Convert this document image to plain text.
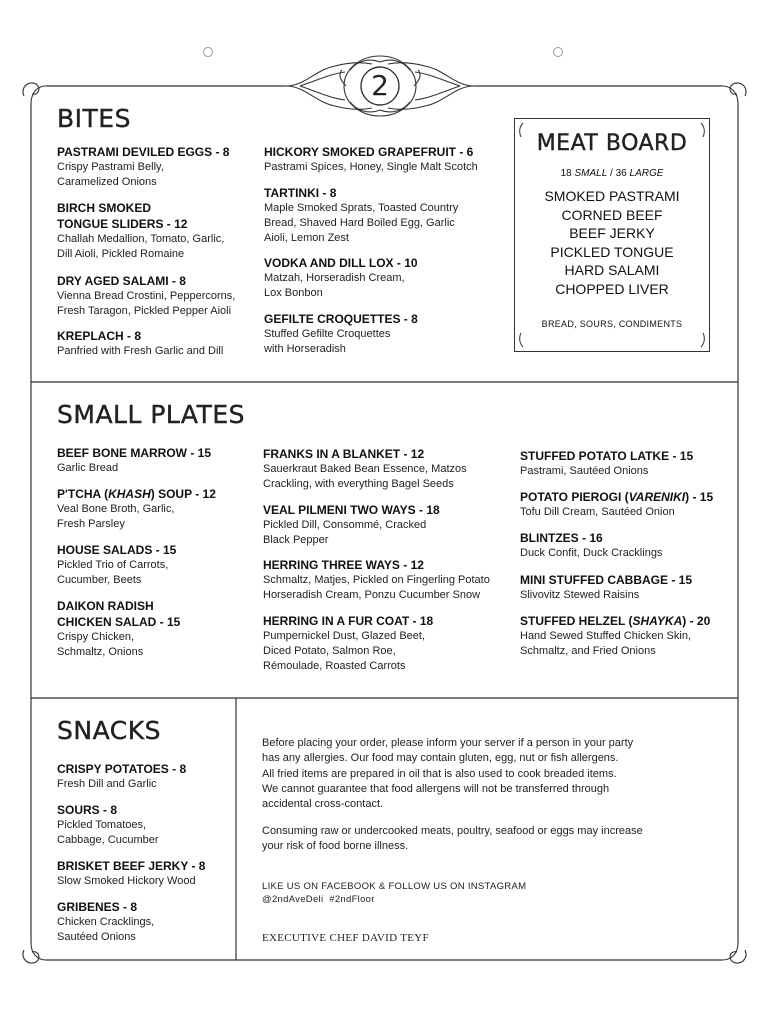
2
BITES
PASTRAMI DEVILED EGGS - 8
Crispy Pastrami Belly,
Caramelized Onions
BIRCH SMOKED
TONGUE SLIDERS - 12
Challah Medallion, Tomato, Garlic,
Dill Aioli, Pickled Romaine
DRY AGED SALAMI - 8
Vienna Bread Crostini, Peppercorns,
Fresh Taragon, Pickled Pepper Aioli
KREPLACH - 8
Panfried with Fresh Garlic and Dill
HICKORY SMOKED GRAPEFRUIT - 6
Pastrami Spices, Honey, Single Malt Scotch
TARTINKI - 8
Maple Smoked Sprats, Toasted Country
Bread, Shaved Hard Boiled Egg, Garlic
Aioli, Lemon Zest
VODKA AND DILL LOX - 10
Matzah, Horseradish Cream,
Lox Bonbon
GEFILTE CROQUETTES - 8
Stuffed Gefilte Croquettes
with Horseradish
MEAT BOARD
18 SMALL / 36 LARGE
SMOKED PASTRAMI
CORNED BEEF
BEEF JERKY
PICKLED TONGUE
HARD SALAMI
CHOPPED LIVER
BREAD, SOURS, CONDIMENTS
SMALL PLATES
BEEF BONE MARROW - 15
Garlic Bread
P'TCHA (KHASH) SOUP - 12
Veal Bone Broth, Garlic,
Fresh Parsley
HOUSE SALADS - 15
Pickled Trio of Carrots,
Cucumber, Beets
DAIKON RADISH
CHICKEN SALAD - 15
Crispy Chicken,
Schmaltz, Onions
FRANKS IN A BLANKET - 12
Sauerkraut Baked Bean Essence, Matzos
Crackling, with everything Bagel Seeds
VEAL PILMENI TWO WAYS - 18
Pickled Dill, Consommé, Cracked
Black Pepper
HERRING THREE WAYS - 12
Schmaltz, Matjes, Pickled on Fingerling Potato
Horseradish Cream, Ponzu Cucumber Snow
HERRING IN A FUR COAT - 18
Pumpernickel Dust, Glazed Beet,
Diced Potato, Salmon Roe,
Rémoulade, Roasted Carrots
STUFFED POTATO LATKE - 15
Pastrami, Sautéed Onions
POTATO PIEROGI (VARENIKI) - 15
Tofu Dill Cream, Sautéed Onion
BLINTZES - 16
Duck Confit, Duck Cracklings
MINI STUFFED CABBAGE - 15
Slivovitz Stewed Raisins
STUFFED HELZEL (SHAYKA) - 20
Hand Sewed Stuffed Chicken Skin,
Schmaltz, and Fried Onions
SNACKS
CRISPY POTATOES - 8
Fresh Dill and Garlic
SOURS - 8
Pickled Tomatoes,
Cabbage, Cucumber
BRISKET BEEF JERKY - 8
Slow Smoked Hickory Wood
GRIBENES - 8
Chicken Cracklings,
Sautéed Onions
Before placing your order, please inform your server if a person in your party
has any allergies. Our food may contain gluten, egg, nut or fish allergens.
All fried items are prepared in oil that is also used to cook breaded items.
We cannot guarantee that food allergens will not be transferred through
accidental cross-contact.
Consuming raw or undercooked meats, poultry, seafood or eggs may increase
your risk of food borne illness.
LIKE US ON FACEBOOK & FOLLOW US ON INSTAGRAM
@2ndAveDeli #2ndFloor
EXECUTIVE CHEF DAVID TEYF
